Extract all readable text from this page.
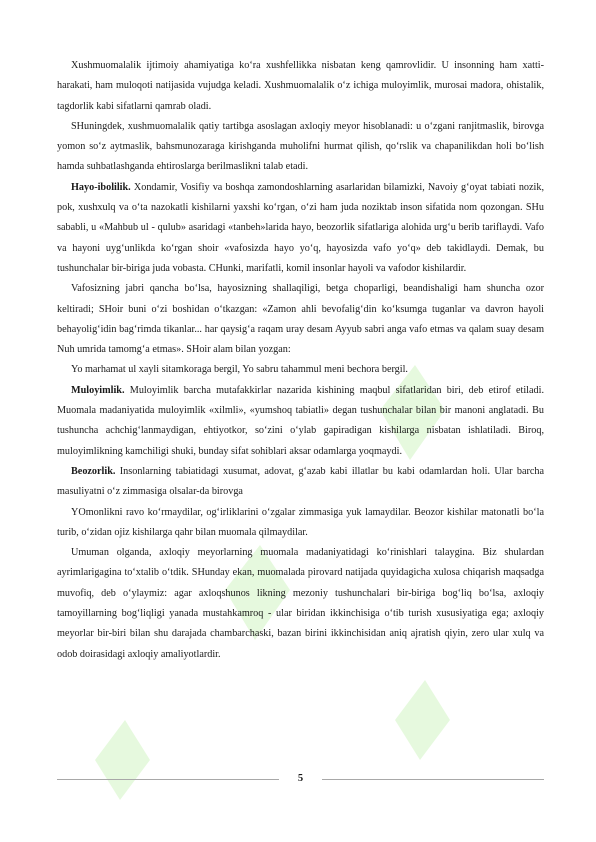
Xushmuomalalik ijtimoiy ahamiyatiga ko‘ra xushfellikka nisbatan keng qamrovlidir. U insonning ham xatti-harakati, ham muloqoti natijasida vujudga keladi. Xushmuomalalik o‘z ichiga muloyimlik, murosai madora, ohistalik, tagdorlik kabi sifatlarni qamrab oladi.

SHuningdek, xushmuomalalik qatiy tartibga asoslagan axloqiy meyor hisoblanadi: u o‘zgani ranjitmaslik, birovga yomon so‘z aytmaslik, bahsmunozaraga kirishganda muholifni hurmat qilish, qo‘rslik va chapanilikdan holi bo‘lish hamda suhbatlashganda ehtiroslarga berilmaslikni talab etadi.

Hayo-ibolilik. Xondamir, Vosifiy va boshqa zamondoshlarning asarlaridan bilamizki, Navoiy g‘oyat tabiati nozik, pok, xushxulq va o‘ta nazokatli kishilarni yaxshi ko‘rgan, o‘zi ham juda noziktab inson sifatida nom qozongan. SHu sababli, u «Mahbub ul - qulub» asaridagi «tanbeh»larida hayo, beozorlik sifatlariga alohida urg‘u berib tariflaydi. Vafo va hayoni uyg‘unlikda ko‘rgan shoir «vafosizda hayo yo‘q, hayosizda vafo yo‘q» deb takidlaydi. Demak, bu tushunchalar bir-biriga juda vobasta. CHunki, marifatli, komil insonlar hayoli va vafodor kishilardir.

Vafosizning jabri qancha bo‘lsa, hayosizning shallaqiligi, betga choparligi, beandishaligi ham shuncha ozor keltiradi; SHoir buni o‘zi boshidan o‘tkazgan: «Zamon ahli bevofalig‘din ko‘ksumga tuganlar va davron hayoli behayolig‘idin bag‘rimda tikanlar... har qaysig‘a raqam uray desam Ayyub sabri anga vafo etmas va qalam suay desam Nuh umrida tamomg‘a etmas». SHoir alam bilan yozgan:

Yo marhamat ul xayli sitamkoraga bergil, Yo sabru tahammul meni bechora bergil.

Muloyimlik. Muloyimlik barcha mutafakkirlar nazarida kishining maqbul sifatlaridan biri, deb etirof etiladi. Muomala madaniyatida muloyimlik «xilmli», «yumshoq tabiatli» degan tushunchalar bilan bir manoni anglatadi. Bu tushuncha achchig‘lanmaydigan, ehtiyotkor, so‘zini o‘ylab gapiradigan kishilarga nisbatan ishlatiladi. Biroq, muloyimlikning kamchiligi shuki, bunday sifat sohiblari aksar odamlarga yoqmaydi.

Beozorlik. Insonlarning tabiatidagi xusumat, adovat, g‘azab kabi illatlar bu kabi odamlardan holi. Ular barcha masuliyatni o‘z zimmasiga olsalar-da birovga

YOmonlikni ravo ko‘rmaydilar, og‘irliklarini o‘zgalar zimmasiga yuk lamaydilar. Beozor kishilar matonatli bo‘la turib, o‘zidan ojiz kishilarga qahr bilan muomala qilmaydilar.

Umuman olganda, axloqiy meyorlarning muomala madaniyatidagi ko‘rinishlari talaygina. Biz shulardan ayrimlarigagina to‘xtalib o‘tdik. SHunday ekan, muomalada pirovard natijada quyidagicha xulosa chiqarish maqsadga muvofiq, deb o‘ylaymiz: agar axloqshunos likning mezoniy tushunchalari bir-biriga bog‘liq bo‘lsa, axloqiy tamoyillarning bog‘liqligi yanada mustahkamroq - ular biridan ikkinchisiga o‘tib turish xususiyatiga ega; axloqiy meyorlar bir-biri bilan shu darajada chambarchaski, bazan birini ikkinchisidan aniq ajratish qiyin, zero ular xulq va odob doirasidagi axloqiy amaliyotlardir.

5
